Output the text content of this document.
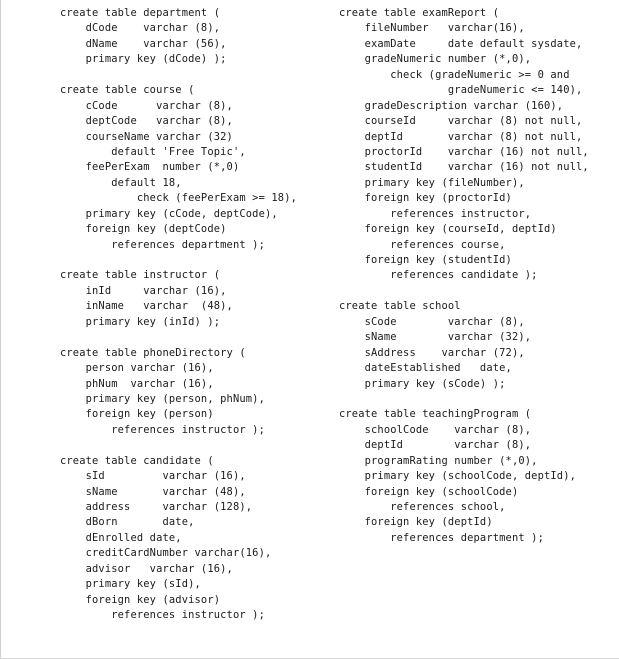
create table department (
dCode    varchar (8),
dName    varchar (56),
primary key (dCode) );
create table course (
cCode      varchar (8),
deptCode   varchar (8),
courseName varchar (32)
default 'Free Topic',
feePerExam  number (*,0)
default 18,
check (feePerExam >= 18),
primary key (cCode, deptCode),
foreign key (deptCode)
references department );
create table instructor (
inId     varchar (16),
inName   varchar  (48),
primary key (inId) );
create table phoneDirectory (
person varchar (16),
phNum  varchar (16),
primary key (person, phNum),
foreign key (person)
references instructor );
create table candidate (
sId         varchar (16),
sName       varchar (48),
address     varchar (128),
dBorn       date,
dEnrolled date,
creditCardNumber varchar(16),
advisor   varchar (16),
primary key (sId),
foreign key (advisor)
references instructor );
create table examReport (
fileNumber   varchar(16),
examDate     date default sysdate,
gradeNumeric number (*,0),
check (gradeNumeric >= 0 and
gradeNumeric <= 140),
gradeDescription varchar (160),
courseId     varchar (8) not null,
deptId       varchar (8) not null,
proctorId    varchar (16) not null,
studentId    varchar (16) not null,
primary key (fileNumber),
foreign key (proctorId)
references instructor,
foreign key (courseId, deptId)
references course,
foreign key (studentId)
references candidate );
create table school
sCode        varchar (8),
sName        varchar (32),
sAddress    varchar (72),
dateEstablished   date,
primary key (sCode) );
create table teachingProgram (
schoolCode    varchar (8),
deptId        varchar (8),
programRating number (*,0),
primary key (schoolCode, deptId),
foreign key (schoolCode)
references school,
foreign key (deptId)
references department );
